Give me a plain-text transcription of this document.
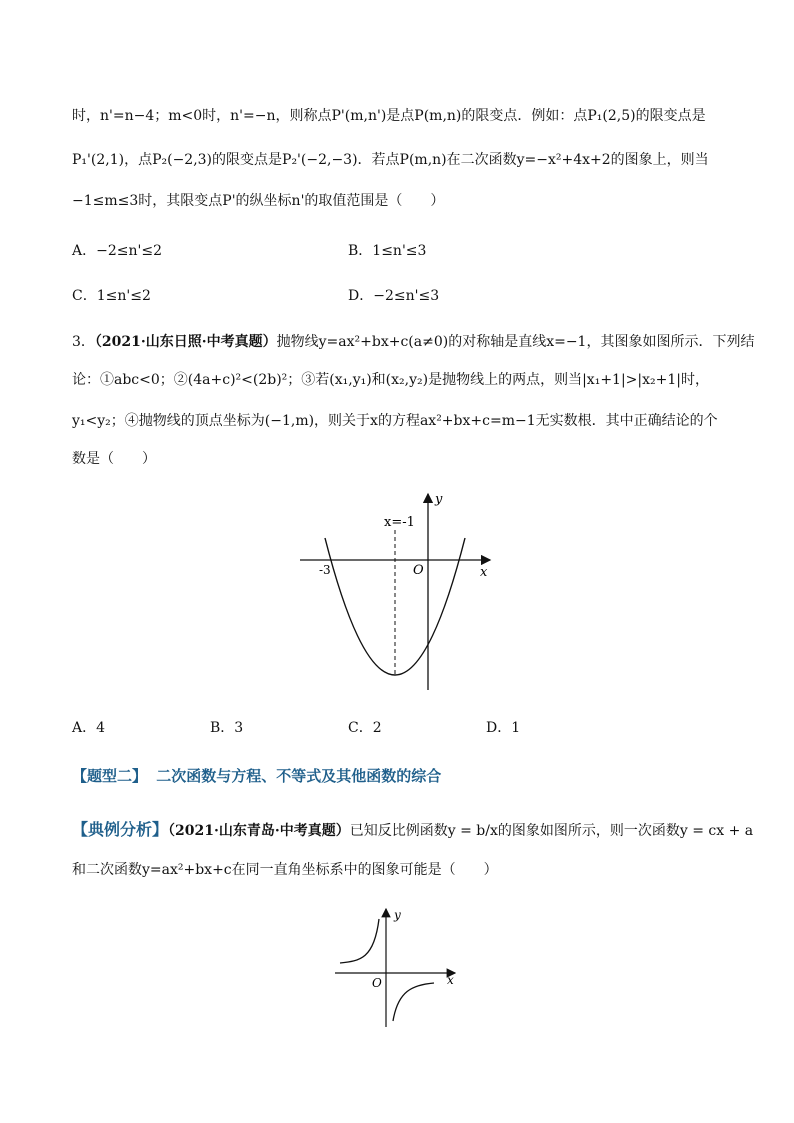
时，n'=n−4；m<0时，n'=−n，则称点P'(m,n')是点P(m,n)的限变点．例如：点P₁(2,5)的限变点是
P₁'(2,1)，点P₂(−2,3)的限变点是P₂'(−2,−3)．若点P(m,n)在二次函数y=−x²+4x+2的图象上，则当
−1≤m≤3时，其限变点P'的纵坐标n'的取值范围是（　　）
A．−2≤n'≤2	B．1≤n'≤3
C．1≤n'≤2	D．−2≤n'≤3
3．（2021·山东日照·中考真题）抛物线y=ax²+bx+c(a≠0)的对称轴是直线x=−1，其图象如图所示．下列结
论：①abc<0；②(4a+c)²<(2b)²；③若(x₁,y₁)和(x₂,y₂)是抛物线上的两点，则当|x₁+1|>|x₂+1|时，
y₁<y₂；④抛物线的顶点坐标为(−1,m)，则关于x的方程ax²+bx+c=m−1无实数根．其中正确结论的个
数是（　　）
x
y
O
-3
x=-1
A．4	B．3	C．2	D．1
【题型二】 二次函数与方程、不等式及其他函数的综合
【典例分析】（2021·山东青岛·中考真题）已知反比例函数y = b/x的图象如图所示，则一次函数y = cx + a
和二次函数y=ax²+bx+c在同一直角坐标系中的图象可能是（　　）
x
y
O
